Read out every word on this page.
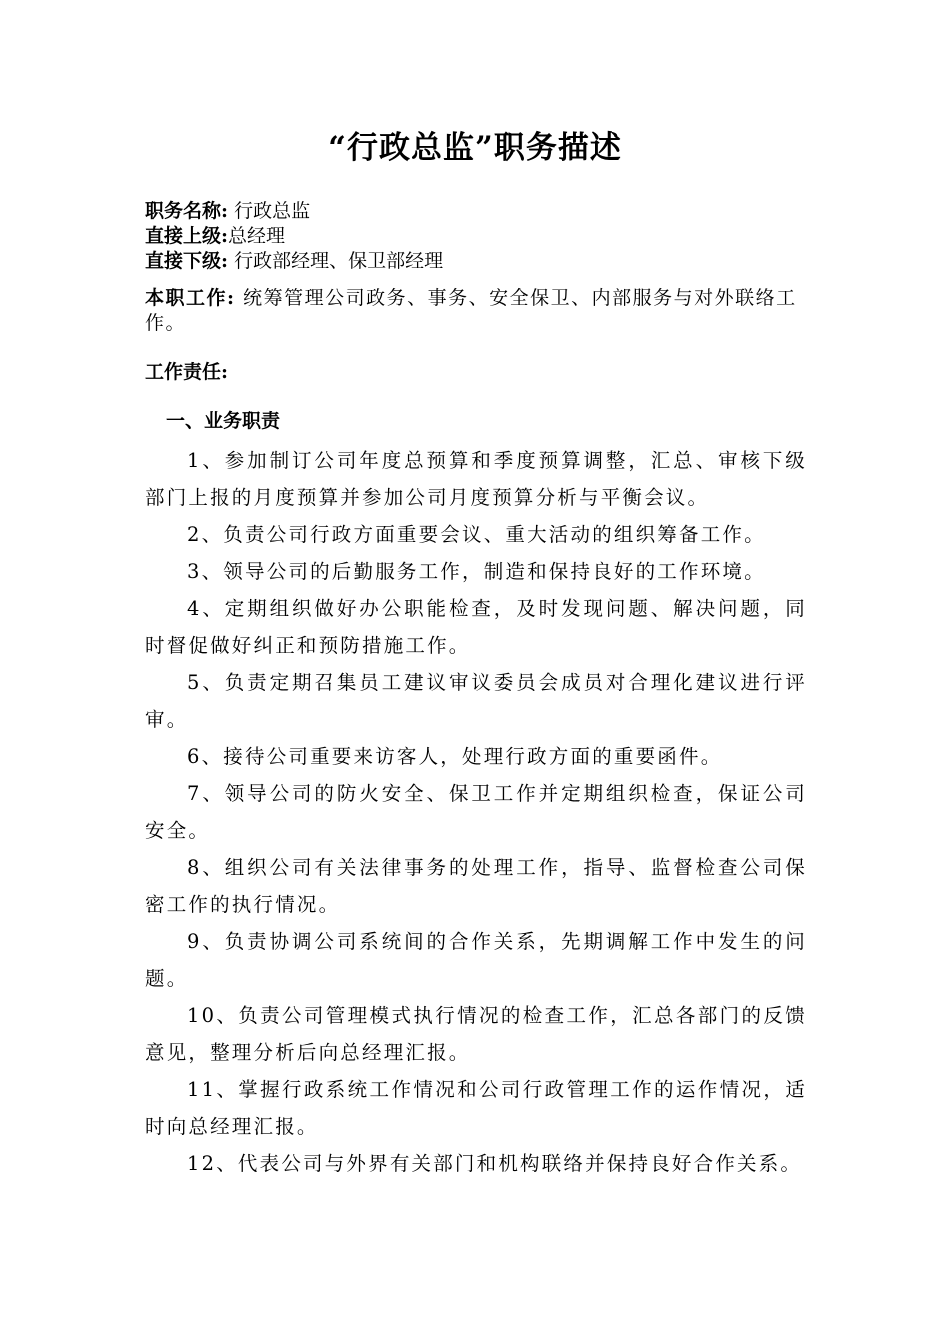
“行政总监”职务描述
职务名称: 行政总监
直接上级:总经理
直接下级: 行政部经理、保卫部经理
本职工作: 统筹管理公司政务、事务、安全保卫、内部服务与对外联络工作。
工作责任:
一、业务职责
1、参加制订公司年度总预算和季度预算调整，汇总、审核下级部门上报的月度预算并参加公司月度预算分析与平衡会议。
2、负责公司行政方面重要会议、重大活动的组织筹备工作。
3、领导公司的后勤服务工作，制造和保持良好的工作环境。
4、定期组织做好办公职能检查，及时发现问题、解决问题，同时督促做好纠正和预防措施工作。
5、负责定期召集员工建议审议委员会成员对合理化建议进行评审。
6、接待公司重要来访客人，处理行政方面的重要函件。
7、领导公司的防火安全、保卫工作并定期组织检查，保证公司安全。
8、组织公司有关法律事务的处理工作，指导、监督检查公司保密工作的执行情况。
9、负责协调公司系统间的合作关系，先期调解工作中发生的问题。
10、负责公司管理模式执行情况的检查工作，汇总各部门的反馈意见，整理分析后向总经理汇报。
11、掌握行政系统工作情况和公司行政管理工作的运作情况，适时向总经理汇报。
12、代表公司与外界有关部门和机构联络并保持良好合作关系。
